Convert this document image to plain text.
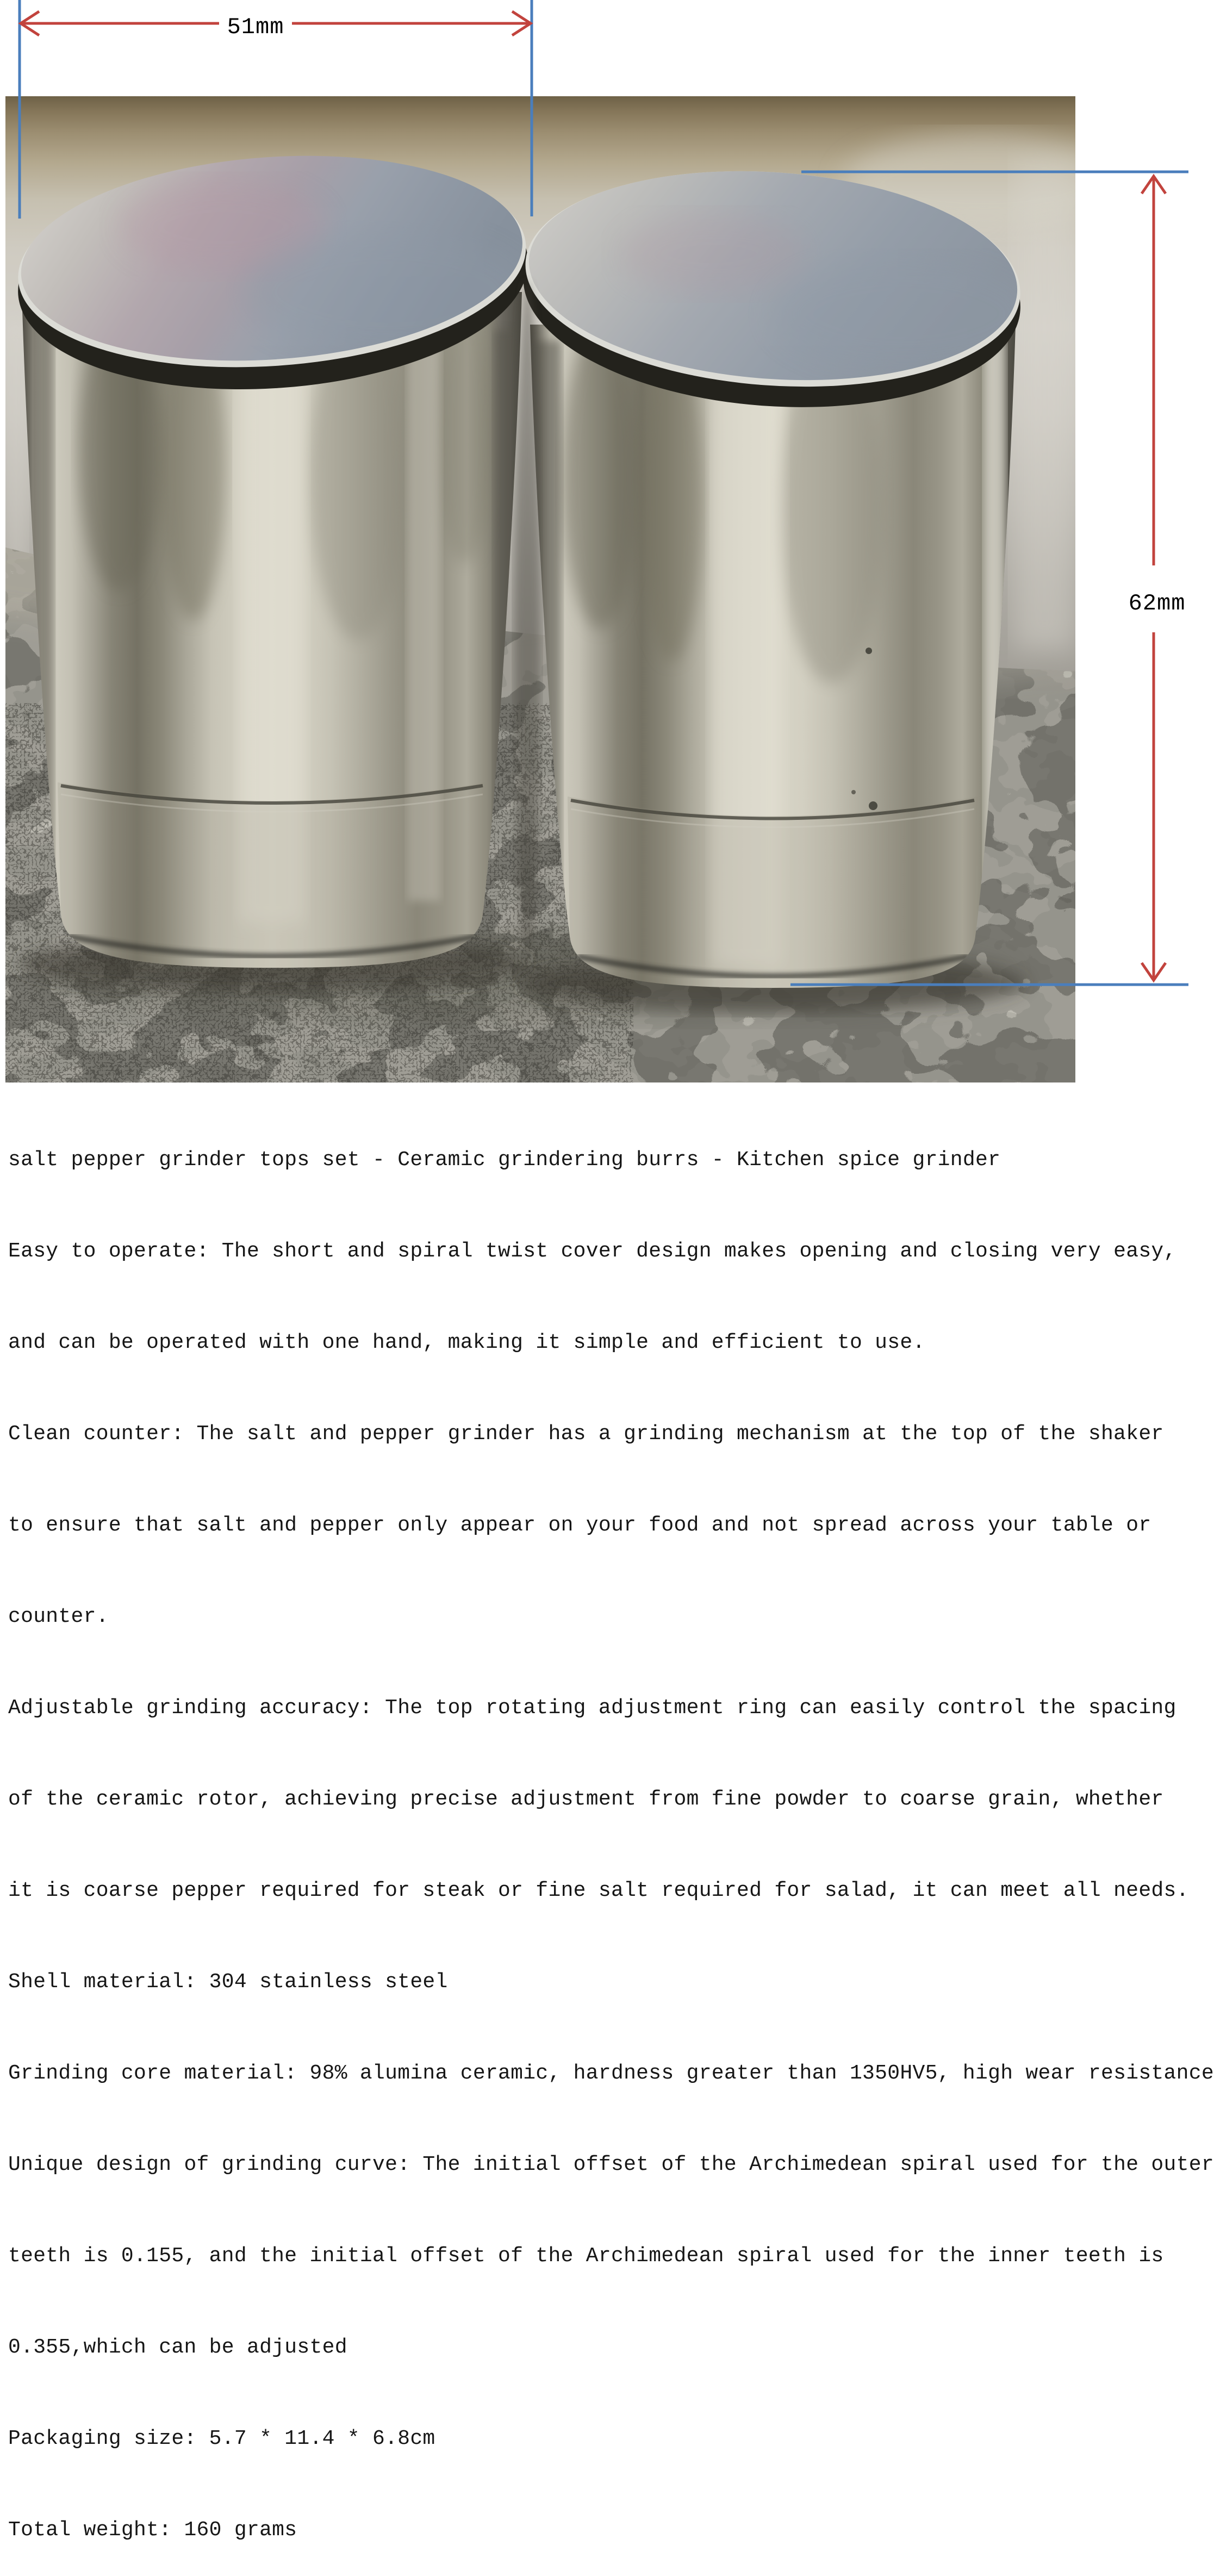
51mm
62mm

salt pepper grinder tops set - Ceramic grindering burrs - Kitchen spice grinder

Easy to operate: The short and spiral twist cover design makes opening and closing very easy,

and can be operated with one hand, making it simple and efficient to use.

Clean counter: The salt and pepper grinder has a grinding mechanism at the top of the shaker

to ensure that salt and pepper only appear on your food and not spread across your table or

counter.

Adjustable grinding accuracy: The top rotating adjustment ring can easily control the spacing

of the ceramic rotor, achieving precise adjustment from fine powder to coarse grain, whether

it is coarse pepper required for steak or fine salt required for salad, it can meet all needs.

Shell material: 304 stainless steel

Grinding core material: 98% alumina ceramic, hardness greater than 1350HV5, high wear resistance

Unique design of grinding curve: The initial offset of the Archimedean spiral used for the outer

teeth is 0.155, and the initial offset of the Archimedean spiral used for the inner teeth is

0.355,which can be adjusted

Packaging size: 5.7 * 11.4 * 6.8cm

Total weight: 160 grams
